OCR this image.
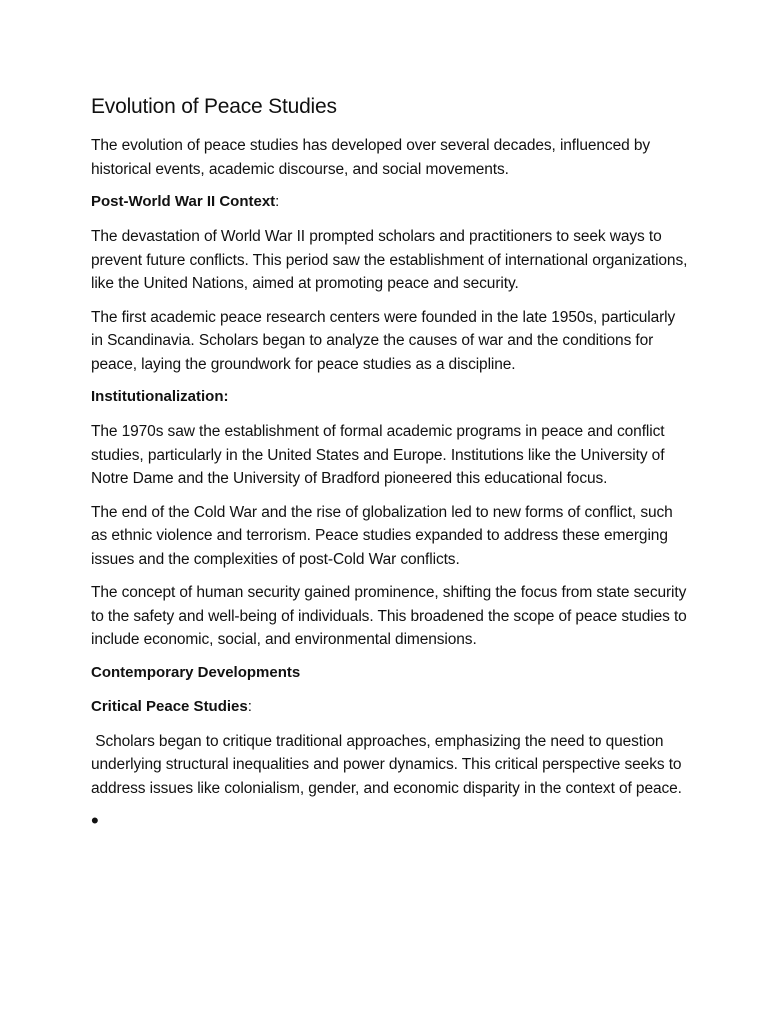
Evolution of Peace Studies

The evolution of peace studies has developed over several decades, influenced by historical events, academic discourse, and social movements.

Post-World War II Context:

The devastation of World War II prompted scholars and practitioners to seek ways to prevent future conflicts. This period saw the establishment of international organizations, like the United Nations, aimed at promoting peace and security.

The first academic peace research centers were founded in the late 1950s, particularly in Scandinavia. Scholars began to analyze the causes of war and the conditions for peace, laying the groundwork for peace studies as a discipline.

Institutionalization:

The 1970s saw the establishment of formal academic programs in peace and conflict studies, particularly in the United States and Europe. Institutions like the University of Notre Dame and the University of Bradford pioneered this educational focus.

The end of the Cold War and the rise of globalization led to new forms of conflict, such as ethnic violence and terrorism. Peace studies expanded to address these emerging issues and the complexities of post-Cold War conflicts.

The concept of human security gained prominence, shifting the focus from state security to the safety and well-being of individuals. This broadened the scope of peace studies to include economic, social, and environmental dimensions.

Contemporary Developments

Critical Peace Studies:

Scholars began to critique traditional approaches, emphasizing the need to question underlying structural inequalities and power dynamics. This critical perspective seeks to address issues like colonialism, gender, and economic disparity in the context of peace.

•
